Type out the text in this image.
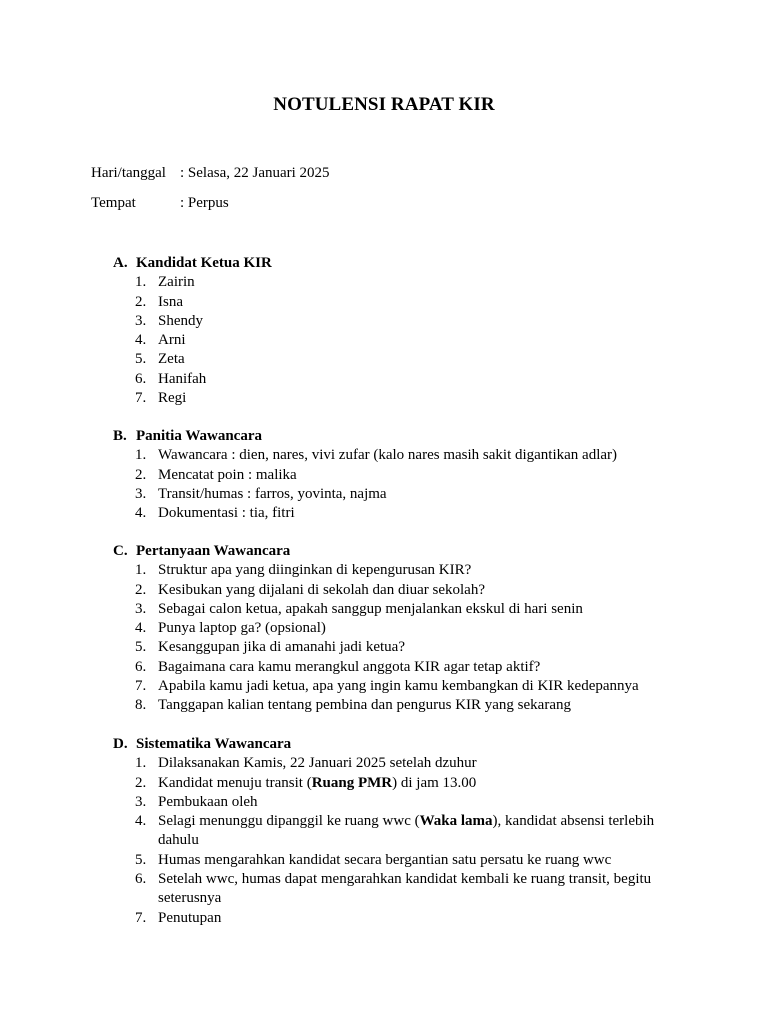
NOTULENSI RAPAT KIR
Hari/tanggal : Selasa, 22 Januari 2025
Tempat	: Perpus
A. Kandidat Ketua KIR
1. Zairin
2. Isna
3. Shendy
4. Arni
5. Zeta
6. Hanifah
7. Regi
B. Panitia Wawancara
1. Wawancara : dien, nares, vivi zufar (kalo nares masih sakit digantikan adlar)
2. Mencatat poin : malika
3. Transit/humas : farros, yovinta, najma
4. Dokumentasi : tia, fitri
C. Pertanyaan Wawancara
1. Struktur apa yang diinginkan di kepengurusan KIR?
2. Kesibukan yang dijalani di sekolah dan diuar sekolah?
3. Sebagai calon ketua, apakah sanggup menjalankan ekskul di hari senin
4. Punya laptop ga? (opsional)
5. Kesanggupan jika di amanahi jadi ketua?
6. Bagaimana cara kamu merangkul anggota KIR agar tetap aktif?
7. Apabila kamu jadi ketua, apa yang ingin kamu kembangkan di KIR kedepannya
8. Tanggapan kalian tentang pembina dan pengurus KIR yang sekarang
D. Sistematika Wawancara
1. Dilaksanakan Kamis, 22 Januari 2025 setelah dzuhur
2. Kandidat menuju transit (Ruang PMR) di jam 13.00
3. Pembukaan oleh
4. Selagi menunggu dipanggil ke ruang wwc (Waka lama), kandidat absensi terlebih dahulu
5. Humas mengarahkan kandidat secara bergantian satu persatu ke ruang wwc
6. Setelah wwc, humas dapat mengarahkan kandidat kembali ke ruang transit, begitu seterusnya
7. Penutupan
